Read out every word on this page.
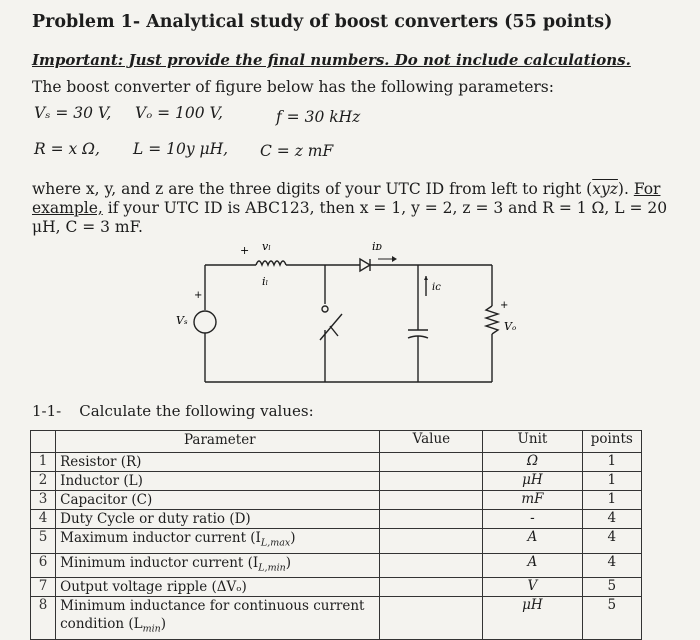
Problem 1- Analytical study of boost converters (55 points)
Important: Just provide the final numbers. Do not include calculations.
The boost converter of figure below has the following parameters:
Vₛ = 30 V, Vₒ = 100 V,	f = 30 kHz
R = x Ω, L = 10y μH, C = z mF
where x, y, and z are the three digits of your UTC ID from left to right $(\overline{xyz})$. For example, if your UTC ID is ABC123, then x = 1, y = 2, z = 3 and R = 1 Ω, L = 20 μH, C = 3 mF.
vₗ
+
iₗ
iᴅ
iᴄ
Vₛ
+
Vₒ
+
1-1- Calculate the following values:
	Parameter	Value	Unit	points
1	Resistor (R)		Ω	1
2	Inductor (L)		μH	1
3	Capacitor (C)		mF	1
4	Duty Cycle or duty ratio (D)		-	4
5	Maximum inductor current $(I_{L,max})$		A	4
6	Minimum inductor current $(I_{L,min})$		A	4
7	Output voltage ripple (ΔVₒ)		V	5
8	Minimum inductance for continuous current condition $(L_{min})$		μH	5
